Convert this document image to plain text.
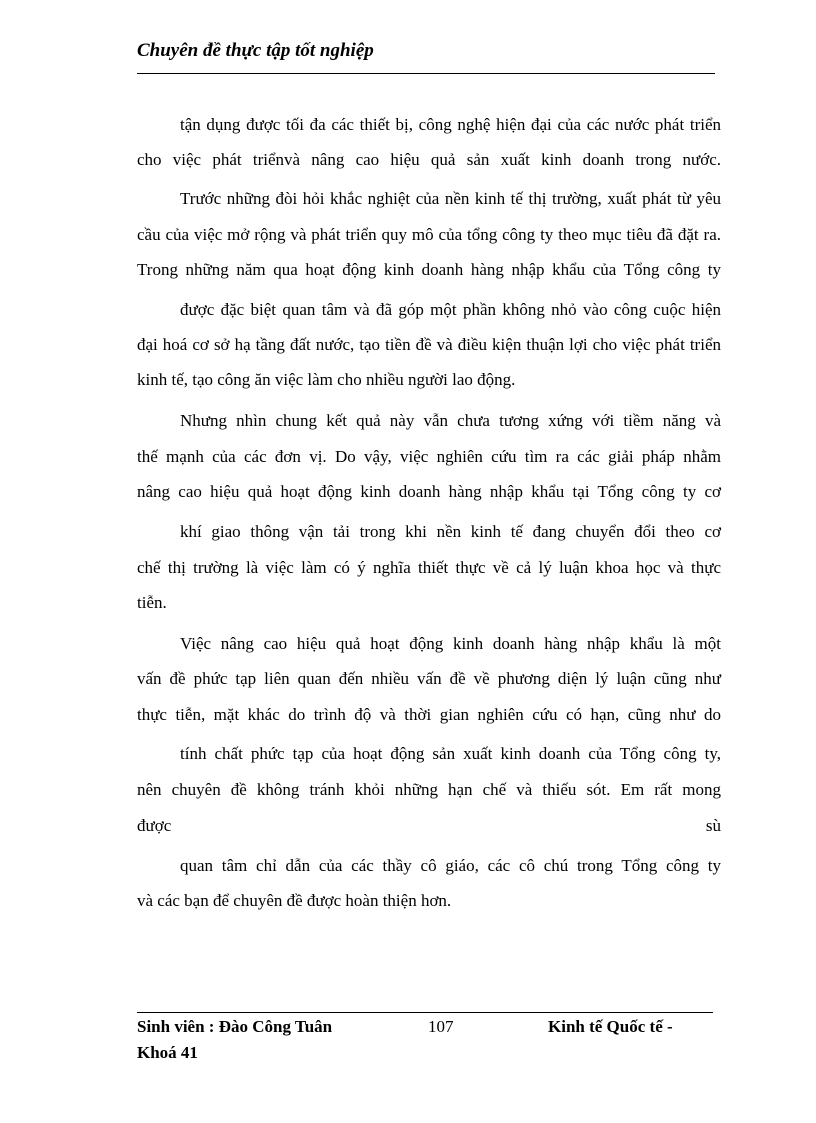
Chuyên đề thực tập tốt nghiệp
tận dụng được tối đa các thiết bị, công nghệ hiện đại của các nước phát triển
cho việc phát triểnvà nâng cao hiệu quả sản xuất kinh doanh trong nước.
Trước những đòi hỏi khắc nghiệt của nền kinh tế thị trường, xuất phát từ yêu
cầu của việc mở rộng và phát triển quy mô của tổng công ty theo mục tiêu đã đặt ra.
Trong những năm qua hoạt động kinh doanh hàng nhập khẩu của Tổng công ty
được đặc biệt quan tâm và đã góp một phần không nhỏ vào công cuộc hiện
đại hoá cơ sở hạ tầng đất nước, tạo tiền đề và điều kiện thuận lợi cho việc phát triển
kinh tế, tạo công ăn việc làm cho nhiều người lao động.
Nhưng nhìn chung kết quả này vẫn chưa tương xứng với tiềm năng và
thế mạnh của các đơn vị. Do vậy, việc nghiên cứu tìm ra các giải pháp nhằm
nâng cao hiệu quả hoạt động kinh doanh hàng nhập khẩu tại Tổng công ty cơ
khí giao thông vận tải trong khi nền kinh tế đang chuyển đổi theo cơ
chế thị trường là việc làm có ý nghĩa thiết thực về cả lý luận khoa học và thực
tiễn.
Việc nâng cao hiệu quả hoạt động kinh doanh hàng nhập khẩu là một
vấn đề phức tạp liên quan đến nhiều vấn đề về phương diện lý luận cũng như
thực tiễn, mặt khác do trình độ và thời gian nghiên cứu có hạn, cũng như do
tính chất phức tạp của hoạt động sản xuất kinh doanh của Tổng công ty,
nên chuyên đề không tránh khỏi những hạn chế và thiếu sót. Em rất mong
được	sù
quan tâm chỉ dẫn của các thầy cô giáo, các cô chú trong Tổng công ty
và các bạn để chuyên đề được hoàn thiện hơn.
Sinh viên : Đào Công Tuân	107	Kinh tế Quốc tế -
Khoá 41
